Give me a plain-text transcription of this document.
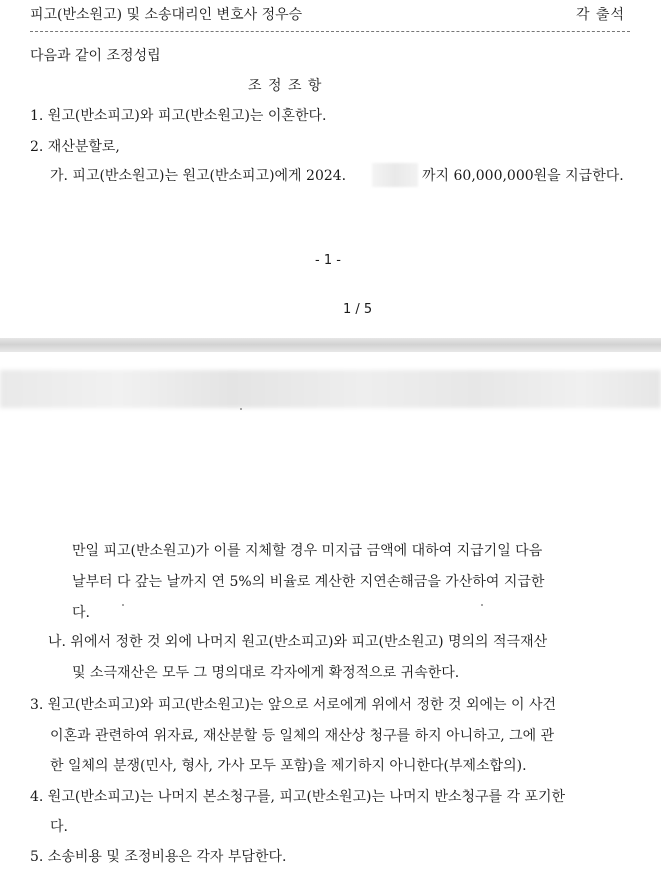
피고(반소원고) 및 소송대리인 변호사 정우승	각 출석
다음과 같이 조정성립
조 정 조 항
1. 원고(반소피고)와 피고(반소원고)는 이혼한다.
2. 재산분할로,
가. 피고(반소원고)는 원고(반소피고)에게 2024.	까지 60,000,000원을 지급한다.
- 1 -
1 / 5
만일 피고(반소원고)가 이를 지체할 경우 미지급 금액에 대하여 지급기일 다음
날부터 다 갚는 날까지 연 5%의 비율로 계산한 지연손해금을 가산하여 지급한
다.
나. 위에서 정한 것 외에 나머지 원고(반소피고)와 피고(반소원고) 명의의 적극재산
및 소극재산은 모두 그 명의대로 각자에게 확정적으로 귀속한다.
3. 원고(반소피고)와 피고(반소원고)는 앞으로 서로에게 위에서 정한 것 외에는 이 사건
이혼과 관련하여 위자료, 재산분할 등 일체의 재산상 청구를 하지 아니하고, 그에 관
한 일체의 분쟁(민사, 형사, 가사 모두 포함)을 제기하지 아니한다(부제소합의).
4. 원고(반소피고)는 나머지 본소청구를, 피고(반소원고)는 나머지 반소청구를 각 포기한
다.
5. 소송비용 및 조정비용은 각자 부담한다.
